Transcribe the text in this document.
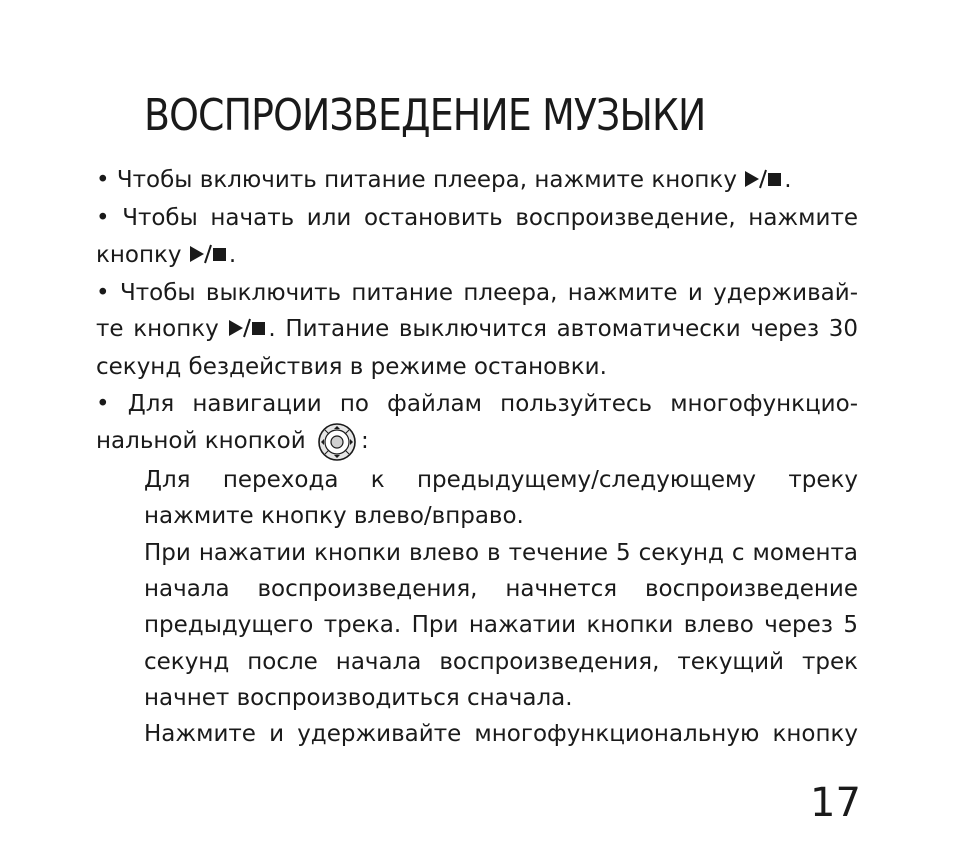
ВОСПРОИЗВЕДЕНИЕ МУЗЫКИ

• Чтобы включить питание плеера, нажмите кнопку .

• Чтобы начать или остановить воспроизведение, нажмите кнопку .

• Чтобы выключить питание плеера, нажмите и удерживай-те кнопку . Питание выключится автоматически через 30 секунд бездействия в режиме остановки.

• Для навигации по файлам пользуйтесь многофункцио-нальной кнопкой :

Для перехода к предыдущему/следующему треку нажмите кнопку влево/вправо.

При нажатии кнопки влево в течение 5 секунд с момента начала воспроизведения, начнется воспроизведение предыдущего трека. При нажатии кнопки влево через 5 секунд после начала воспроизведения, текущий трек начнет воспроизводиться сначала.

Нажмите и удерживайте многофункциональную кнопку

17
